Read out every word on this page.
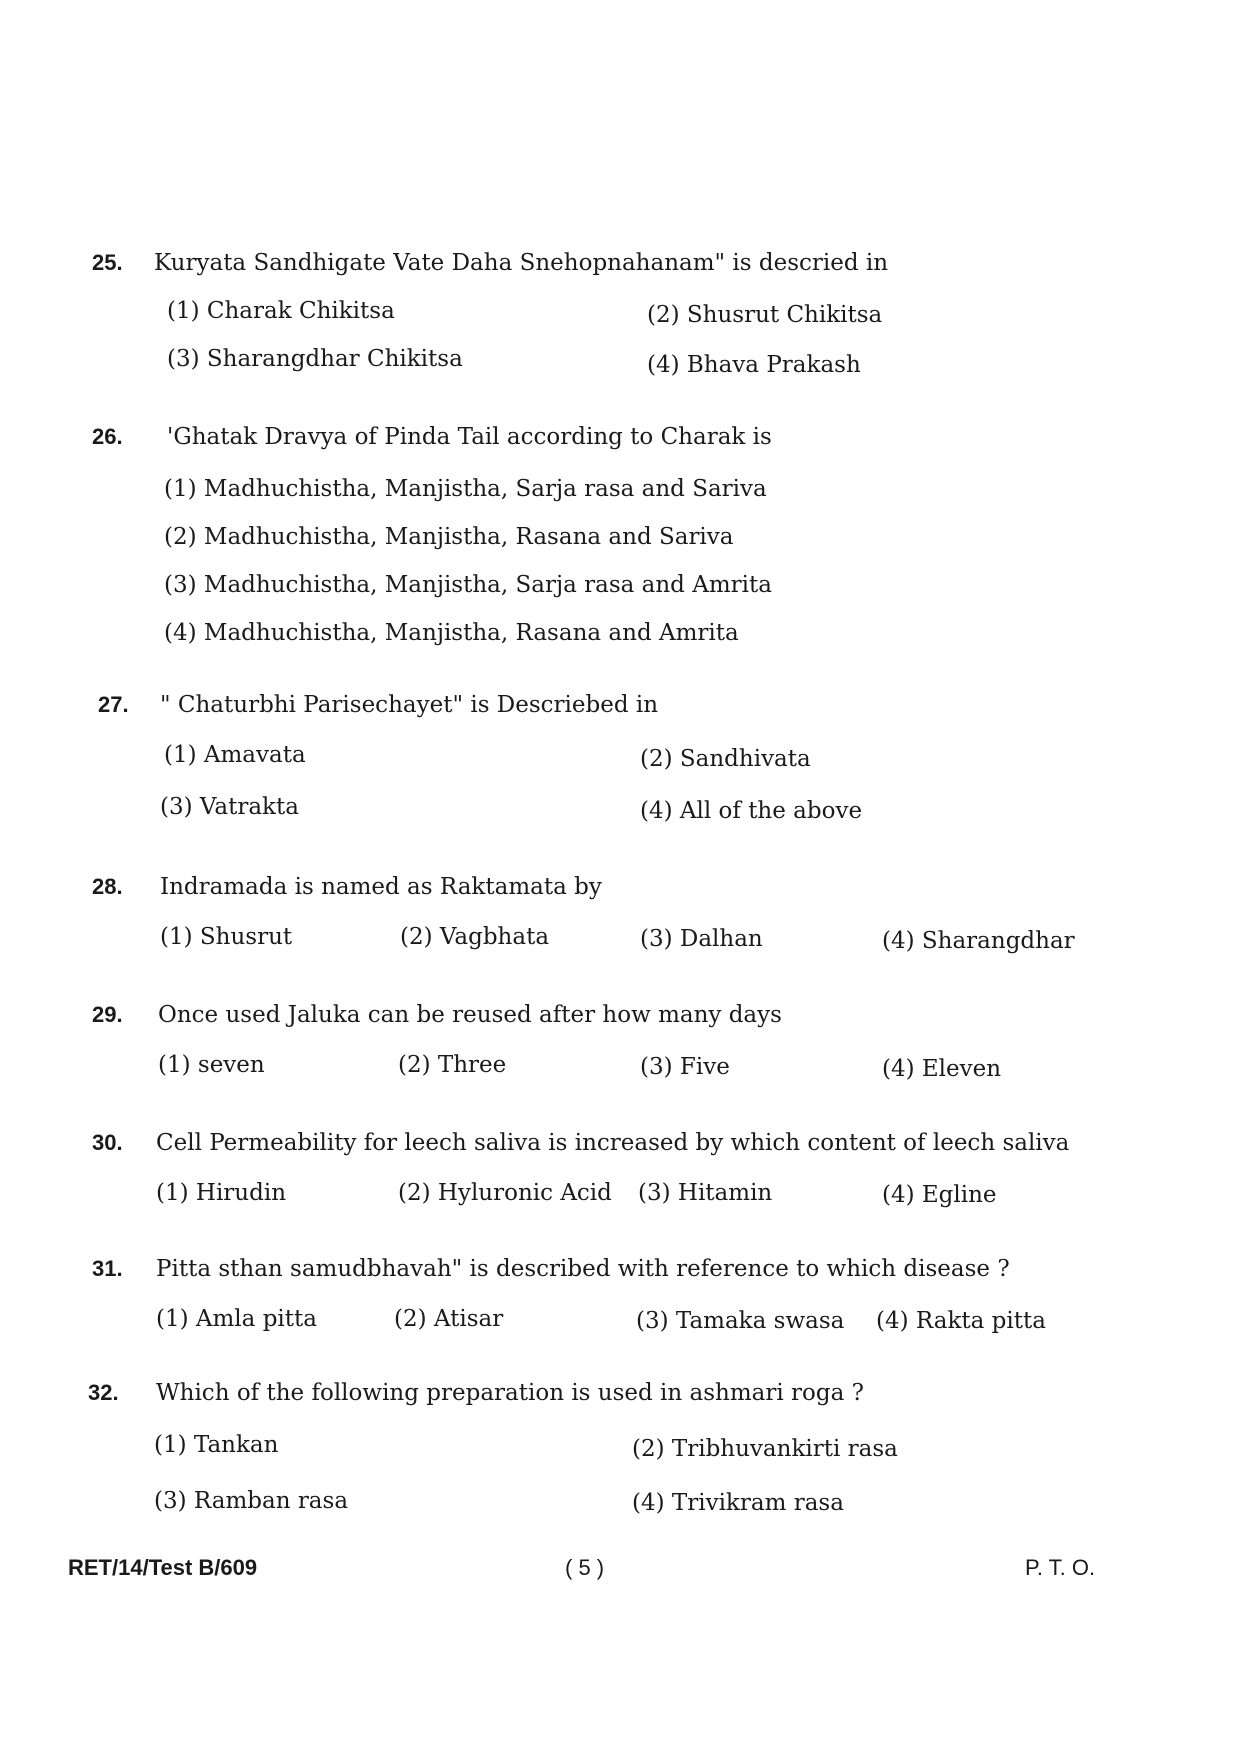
25. Kuryata Sandhigate Vate Daha Snehopnahanam" is descried in
(1) Charak Chikitsa	(2) Shusrut Chikitsa
(3) Sharangdhar Chikitsa	(4) Bhava Prakash
26. 'Ghatak Dravya of Pinda Tail according to Charak is
(1) Madhuchistha, Manjistha, Sarja rasa and Sariva
(2) Madhuchistha, Manjistha, Rasana and Sariva
(3) Madhuchistha, Manjistha, Sarja rasa and Amrita
(4) Madhuchistha, Manjistha, Rasana and Amrita
27. " Chaturbhi Parisechayet" is Descriebed in
(1) Amavata	(2) Sandhivata
(3) Vatrakta	(4) All of the above
28. Indramada is named as Raktamata by
(1) Shusrut	(2) Vagbhata	(3) Dalhan	(4) Sharangdhar
29. Once used Jaluka can be reused after how many days
(1) seven	(2) Three	(3) Five	(4) Eleven
30. Cell Permeability for leech saliva is increased by which content of leech saliva
(1) Hirudin	(2) Hyluronic Acid (3) Hitamin	(4) Egline
31. Pitta sthan samudbhavah" is described with reference to which disease ?
(1) Amla pitta	(2) Atisar	(3) Tamaka swasa (4) Rakta pitta
32. Which of the following preparation is used in ashmari roga ?
(1) Tankan	(2) Tribhuvankirti rasa
(3) Ramban rasa	(4) Trivikram rasa
RET/14/Test B/609	( 5 )	P. T. O.
